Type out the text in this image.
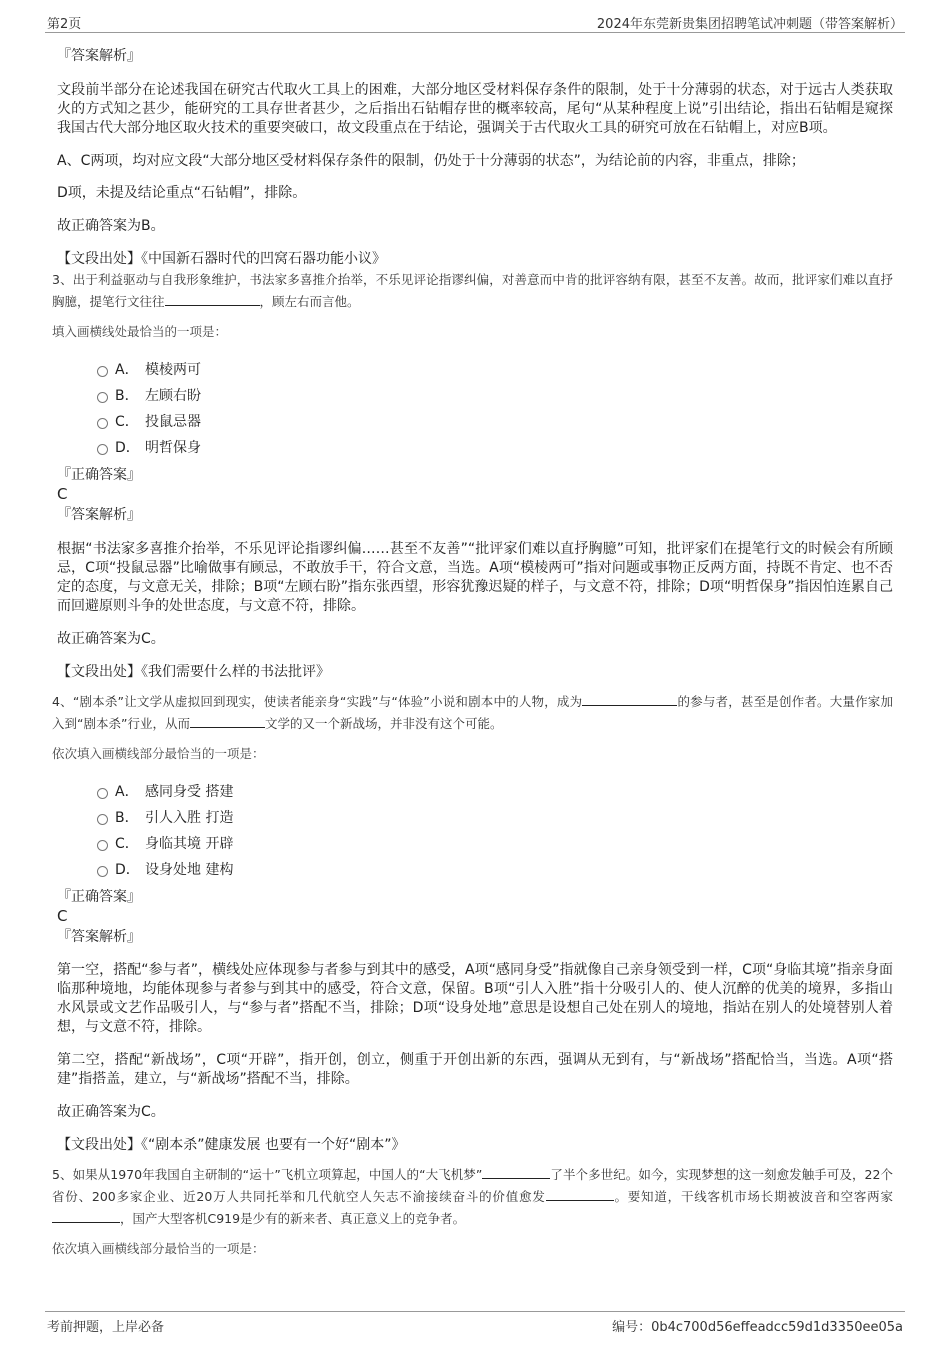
第2页	2024年东莞新贵集团招聘笔试冲刺题（带答案解析）

『答案解析』

文段前半部分在论述我国在研究古代取火工具上的困难，大部分地区受材料保存条件的限制，处于十分薄弱的状态，对于远古人类获取火的方式知之甚少，能研究的工具存世者甚少，之后指出石钻帽存世的概率较高，尾句“从某种程度上说”引出结论，指出石钻帽是窥探我国古代大部分地区取火技术的重要突破口，故文段重点在于结论，强调关于古代取火工具的研究可放在石钻帽上，对应B项。

A、C两项，均对应文段“大部分地区受材料保存条件的限制，仍处于十分薄弱的状态”，为结论前的内容，非重点，排除；

D项，未提及结论重点“石钻帽”，排除。

故正确答案为B。

【文段出处】《中国新石器时代的凹窝石器功能小议》

3、出于利益驱动与自我形象维护，书法家多喜推介抬举，不乐见评论指谬纠偏，对善意而中肯的批评容纳有限，甚至不友善。故而，批评家们难以直抒胸臆，提笔行文往往	，顾左右而言他。

填入画横线处最恰当的一项是：

A． 模棱两可
B． 左顾右盼
C． 投鼠忌器
D． 明哲保身

『正确答案』

C

『答案解析』

根据“书法家多喜推介抬举，不乐见评论指谬纠偏……甚至不友善”“批评家们难以直抒胸臆”可知，批评家们在提笔行文的时候会有所顾忌，C项“投鼠忌器”比喻做事有顾忌，不敢放手干，符合文意，当选。A项“模棱两可”指对问题或事物正反两方面，持既不肯定、也不否定的态度，与文意无关，排除；B项“左顾右盼”指东张西望，形容犹豫迟疑的样子，与文意不符，排除；D项“明哲保身”指因怕连累自己而回避原则斗争的处世态度，与文意不符，排除。

故正确答案为C。

【文段出处】《我们需要什么样的书法批评》

4、“剧本杀”让文学从虚拟回到现实，使读者能亲身“实践”与“体验”小说和剧本中的人物，成为	的参与者，甚至是创作者。大量作家加入到“剧本杀”行业，从而	文学的又一个新战场，并非没有这个可能。

依次填入画横线部分最恰当的一项是：

A． 感同身受 搭建
B． 引人入胜 打造
C． 身临其境 开辟
D． 设身处地 建构

『正确答案』

C

『答案解析』

第一空，搭配“参与者”，横线处应体现参与者参与到其中的感受，A项“感同身受”指就像自己亲身领受到一样，C项“身临其境”指亲身面临那种境地，均能体现参与者参与到其中的感受，符合文意，保留。B项“引人入胜”指十分吸引人的、使人沉醉的优美的境界，多指山水风景或文艺作品吸引人，与“参与者”搭配不当，排除；D项“设身处地”意思是设想自己处在别人的境地，指站在别人的处境替别人着想，与文意不符，排除。

第二空，搭配“新战场”，C项“开辟”，指开创，创立，侧重于开创出新的东西，强调从无到有，与“新战场”搭配恰当，当选。A项“搭建”指搭盖，建立，与“新战场”搭配不当，排除。

故正确答案为C。

【文段出处】《“剧本杀”健康发展 也要有一个好“剧本”》

5、如果从1970年我国自主研制的“运十”飞机立项算起，中国人的“大飞机梦”	了半个多世纪。如今，实现梦想的这一刻愈发触手可及，22个省份、200多家企业、近20万人共同托举和几代航空人矢志不渝接续奋斗的价值愈发	。要知道，干线客机市场长期被波音和空客两家，国产大型客机C919是少有的新来者、真正意义上的竞争者。

依次填入画横线部分最恰当的一项是：

考前押题，上岸必备	编号：0b4c700d56effeadcc59d1d3350ee05a
